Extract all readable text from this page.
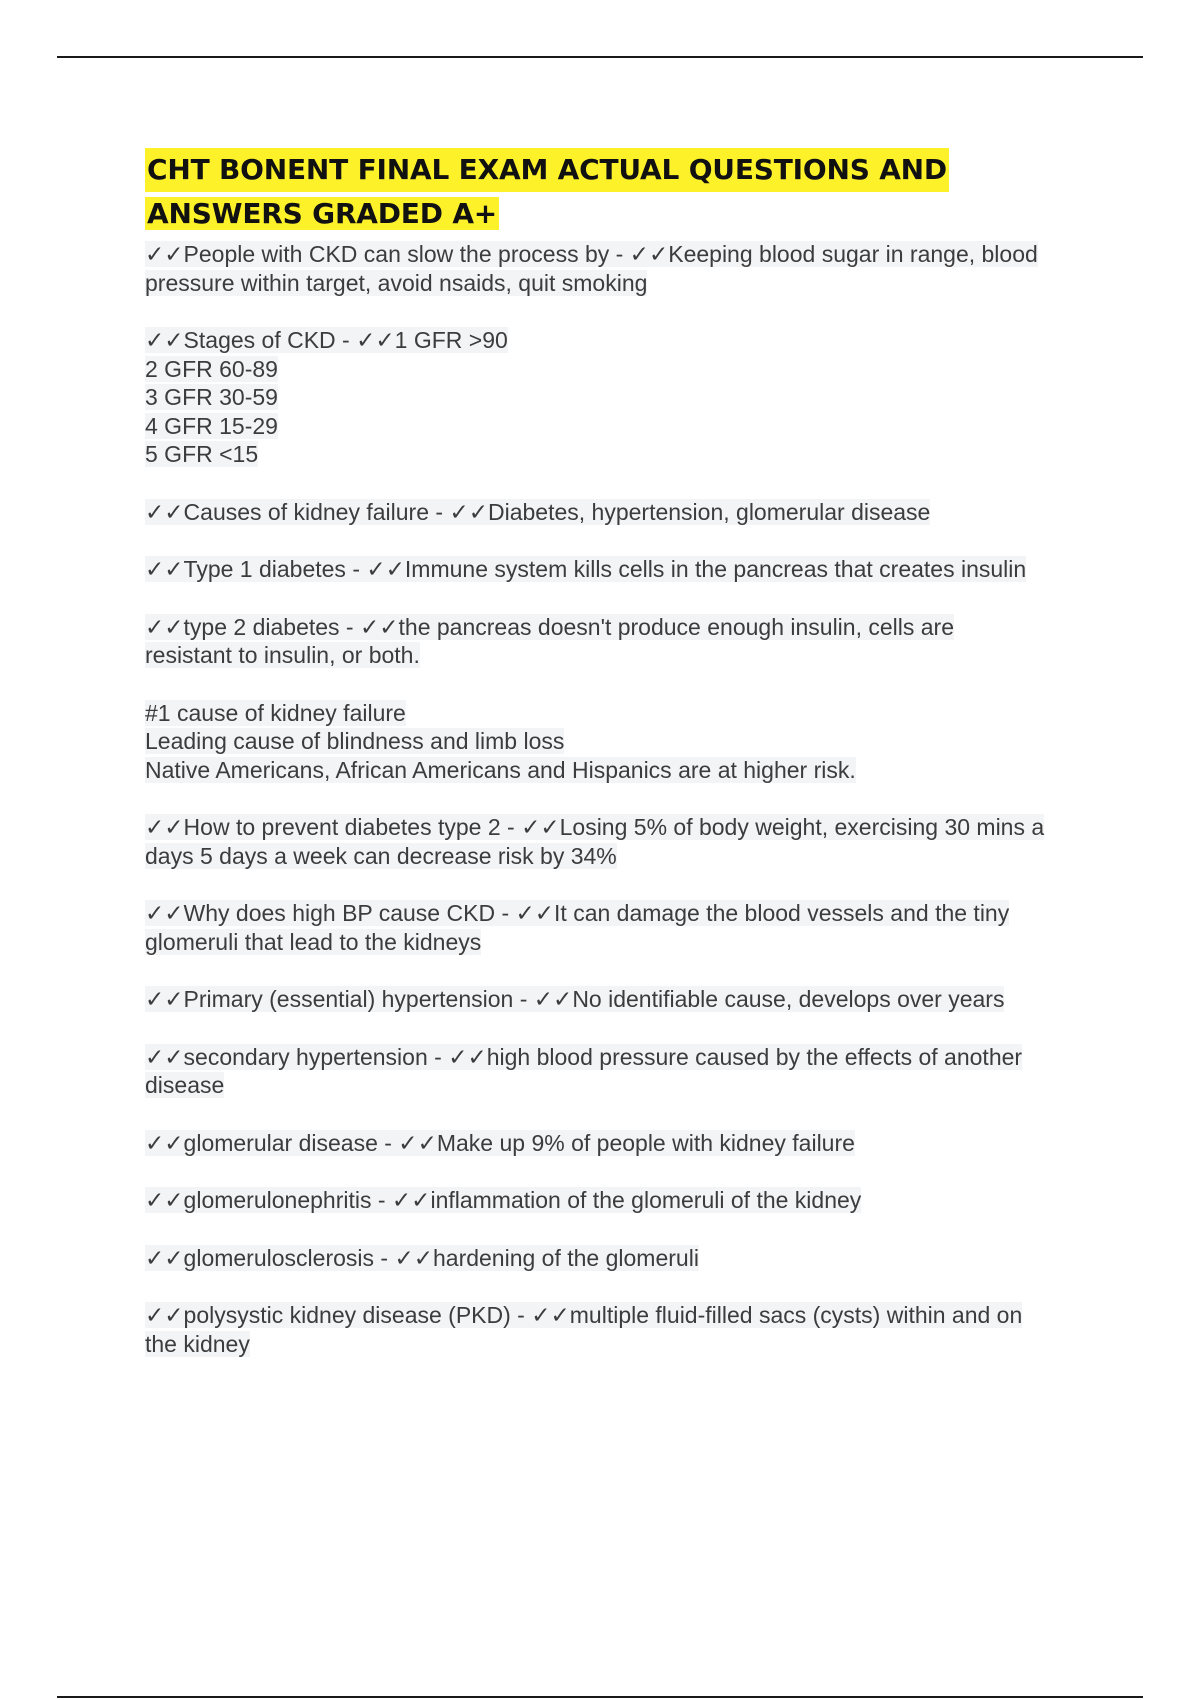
CHT BONENT FINAL EXAM ACTUAL QUESTIONS AND
ANSWERS GRADED A+
✓✓People with CKD can slow the process by - ✓✓Keeping blood sugar in range, blood
pressure within target, avoid nsaids, quit smoking
✓✓Stages of CKD - ✓✓1 GFR >90
2 GFR 60-89
3 GFR 30-59
4 GFR 15-29
5 GFR <15
✓✓Causes of kidney failure - ✓✓Diabetes, hypertension, glomerular disease
✓✓Type 1 diabetes - ✓✓Immune system kills cells in the pancreas that creates insulin
✓✓type 2 diabetes - ✓✓the pancreas doesn't produce enough insulin, cells are
resistant to insulin, or both.
#1 cause of kidney failure
Leading cause of blindness and limb loss
Native Americans, African Americans and Hispanics are at higher risk.
✓✓How to prevent diabetes type 2 - ✓✓Losing 5% of body weight, exercising 30 mins a
days 5 days a week can decrease risk by 34%
✓✓Why does high BP cause CKD - ✓✓It can damage the blood vessels and the tiny
glomeruli that lead to the kidneys
✓✓Primary (essential) hypertension - ✓✓No identifiable cause, develops over years
✓✓secondary hypertension - ✓✓high blood pressure caused by the effects of another
disease
✓✓glomerular disease - ✓✓Make up 9% of people with kidney failure
✓✓glomerulonephritis - ✓✓inflammation of the glomeruli of the kidney
✓✓glomerulosclerosis - ✓✓hardening of the glomeruli
✓✓polysystic kidney disease (PKD) - ✓✓multiple fluid-filled sacs (cysts) within and on
the kidney
